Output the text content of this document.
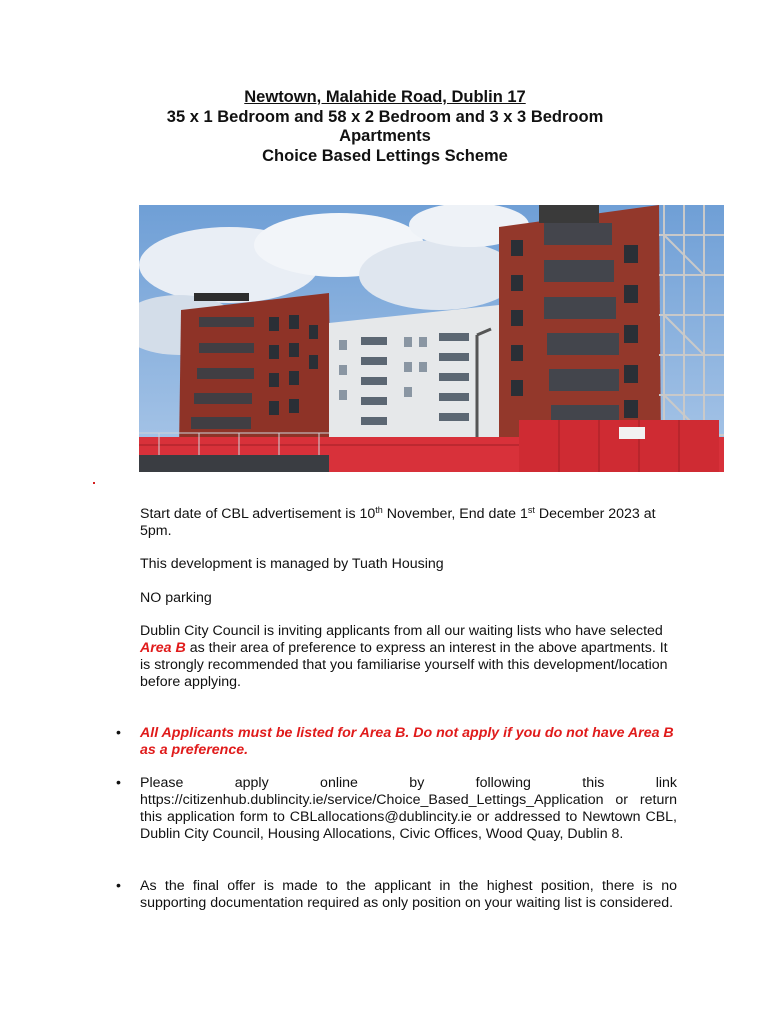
Newtown, Malahide Road, Dublin 17
35 x 1 Bedroom and 58 x 2 Bedroom and 3 x 3 Bedroom
Apartments
Choice Based Lettings Scheme
Start date of CBL advertisement is 10th November, End date 1st December 2023 at 5pm.
This development is managed by Tuath Housing
NO parking
Dublin City Council is inviting applicants from all our waiting lists who have selected Area B as their area of preference to express an interest in the above apartments. It is strongly recommended that you familiarise yourself with this development/location before applying.
• All Applicants must be listed for Area B. Do not apply if you do not have Area B as a preference.
• Please apply online by following this link
https://citizenhub.dublincity.ie/service/Choice_Based_Lettings_Application or return this application form to CBLallocations@dublincity.ie or addressed to Newtown CBL, Dublin City Council, Housing Allocations, Civic Offices, Wood Quay, Dublin 8.
• As the final offer is made to the applicant in the highest position, there is no supporting documentation required as only position on your waiting list is considered.
